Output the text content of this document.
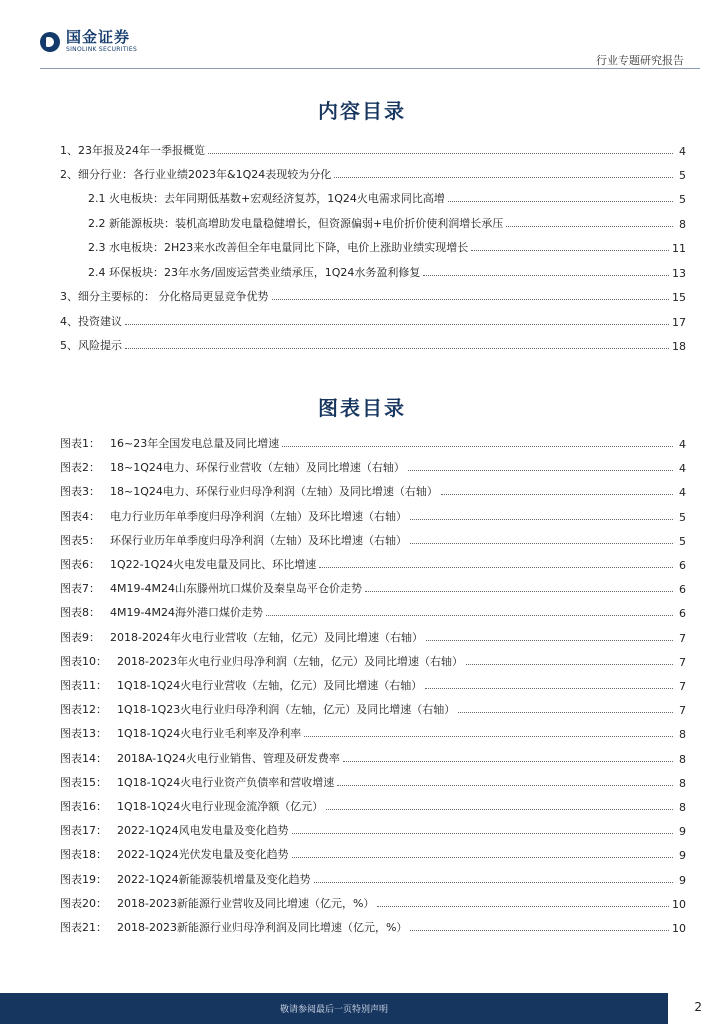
国金证券
SINOLINK SECURITIES
行业专题研究报告
内容目录
1、23年报及24年一季报概览	4
2、细分行业：各行业业绩2023年&1Q24表现较为分化	5
2.1 火电板块：去年同期低基数+宏观经济复苏，1Q24火电需求同比高增	5
2.2 新能源板块：装机高增助发电量稳健增长，但资源偏弱+电价折价使利润增长承压	8
2.3 水电板块：2H23来水改善但全年电量同比下降，电价上涨助业绩实现增长	11
2.4 环保板块：23年水务/固废运营类业绩承压，1Q24水务盈利修复	13
3、细分主要标的： 分化格局更显竞争优势	15
4、投资建议	17
5、风险提示	18
图表目录
图表1： 16~23年全国发电总量及同比增速	4
图表2： 18~1Q24电力、环保行业营收（左轴）及同比增速（右轴）	4
图表3： 18~1Q24电力、环保行业归母净利润（左轴）及同比增速（右轴）	4
图表4： 电力行业历年单季度归母净利润（左轴）及环比增速（右轴）	5
图表5： 环保行业历年单季度归母净利润（左轴）及环比增速（右轴）	5
图表6： 1Q22-1Q24火电发电量及同比、环比增速	6
图表7： 4M19-4M24山东滕州坑口煤价及秦皇岛平仓价走势	6
图表8： 4M19-4M24海外港口煤价走势	6
图表9： 2018-2024年火电行业营收（左轴，亿元）及同比增速（右轴）	7
图表10： 2018-2023年火电行业归母净利润（左轴，亿元）及同比增速（右轴）	7
图表11： 1Q18-1Q24火电行业营收（左轴，亿元）及同比增速（右轴）	7
图表12： 1Q18-1Q23火电行业归母净利润（左轴，亿元）及同比增速（右轴）	7
图表13： 1Q18-1Q24火电行业毛利率及净利率	8
图表14： 2018A-1Q24火电行业销售、管理及研发费率	8
图表15： 1Q18-1Q24火电行业资产负债率和营收增速	8
图表16： 1Q18-1Q24火电行业现金流净额（亿元）	8
图表17： 2022-1Q24风电发电量及变化趋势	9
图表18： 2022-1Q24光伏发电量及变化趋势	9
图表19： 2022-1Q24新能源装机增量及变化趋势	9
图表20： 2018-2023新能源行业营收及同比增速（亿元，%）	10
图表21： 2018-2023新能源行业归母净利润及同比增速（亿元，%）	10
敬请参阅最后一页特别声明	2
